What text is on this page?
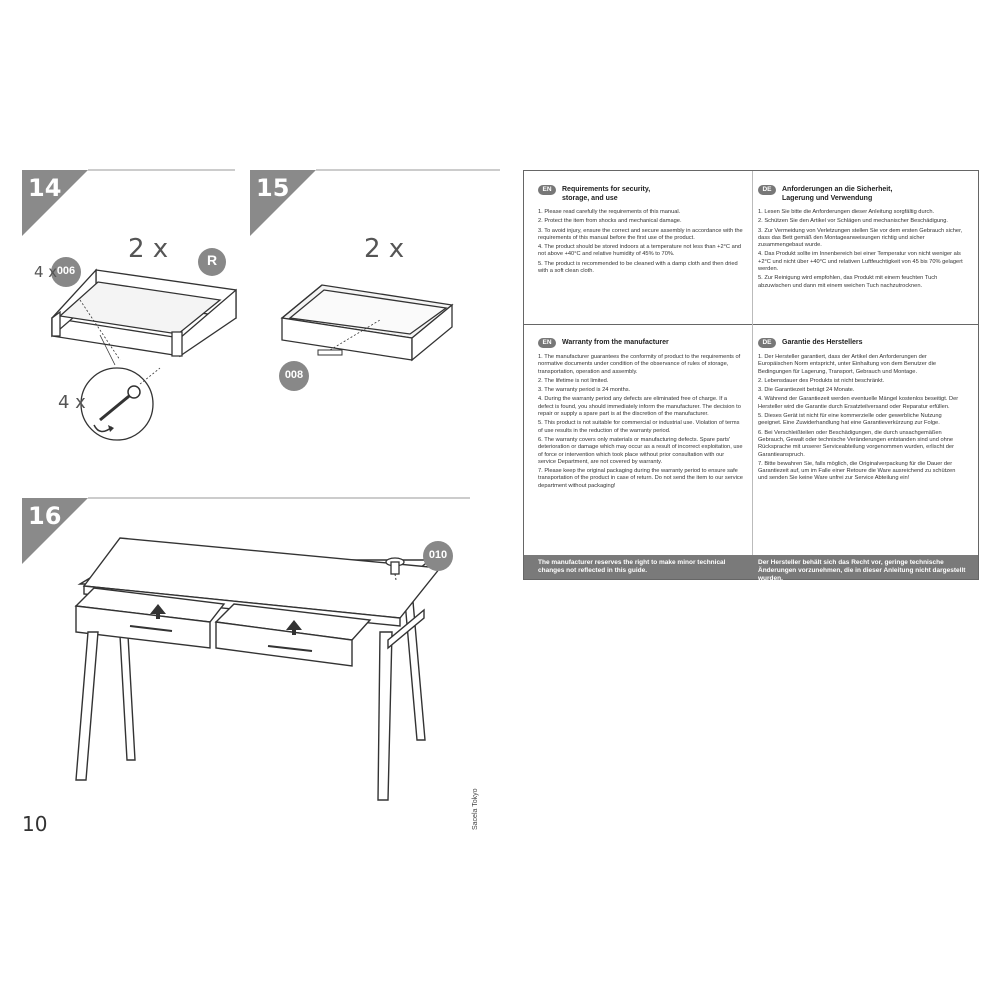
14	15
16
2 x	2 x
4 x
4 x
006
R
008
010
10	Sacela Tokyo
EN Requirements for security,
storage, and use

1. Please read carefully the requirements of this manual.

2. Protect the item from shocks and mechanical damage.

3. To avoid injury, ensure the correct and secure assembly in accordance with the requirements of this manual before the first use of the product.

4. The product should be stored indoors at a temperature not less than +2°C and not above +40°C and relative humidity of 45% to 70%.

5. The product is recommended to be cleaned with a damp cloth and then dried with a soft clean cloth.

DE Anforderungen an die Sicherheit,
Lagerung und Verwendung

1. Lesen Sie bitte die Anforderungen dieser Anleitung sorgfältig durch.

2. Schützen Sie den Artikel vor Schlägen und mechanischer Beschädigung.

3. Zur Vermeidung von Verletzungen stellen Sie vor dem ersten Gebrauch sicher, dass das Bett gemäß den Montageanweisungen richtig und sicher zusammengebaut wurde.

4. Das Produkt sollte im Innenbereich bei einer Temperatur von nicht weniger als +2°C und nicht über +40°C und relativen Luftfeuchtigkeit von 45 bis 70% gelagert werden.

5. Zur Reinigung wird empfohlen, das Produkt mit einem feuchten Tuch abzuwischen und dann mit einem weichen Tuch nachzutrocknen.

EN Warranty from the manufacturer

1. The manufacturer guarantees the conformity of product to the requirements of normative documents under condition of the observance of rules of storage, transportation, operation and assembly.

2. The lifetime is not limited.

3. The warranty period is 24 months.

4. During the warranty period any defects are eliminated free of charge. If a defect is found, you should immediately inform the manufacturer. The decision to repair or supply a spare part is at the discretion of the manufacturer.

5. This product is not suitable for commercial or industrial use. Violation of terms of use results in the reduction of the warranty period.

6. The warranty covers only materials or manufacturing defects. Spare parts' deterioration or damage which may occur as a result of incorrect exploitation, use of force or intervention which took place without prior consultation with our service Department, are not covered by warranty.

7. Please keep the original packaging during the warranty period to ensure safe transportation of the product in case of return. Do not send the item to our service department without packaging!

DE Garantie des Herstellers

1. Der Hersteller garantiert, dass der Artikel den Anforderungen der Europäischen Norm entspricht, unter Einhaltung von dem Benutzer die Bedingungen für Lagerung, Transport, Gebrauch und Montage.

2. Lebensdauer des Produkts ist nicht beschränkt.

3. Die Garantiezeit beträgt 24 Monate.

4. Während der Garantiezeit werden eventuelle Mängel kostenlos beseitigt. Der Hersteller wird die Garantie durch Ersatzteilversand oder Reparatur erfüllen.

5. Dieses Gerät ist nicht für eine kommerzielle oder gewerbliche Nutzung geeignet. Eine Zuwiderhandlung hat eine Garantieverkürzung zur Folge.

6. Bei Verschleißteilen oder Beschädigungen, die durch unsachgemäßen Gebrauch, Gewalt oder technische Veränderungen entstanden sind und ohne Rücksprache mit unserer Serviceabteilung vorgenommen wurden, erlischt der Garantieanspruch.

7. Bitte bewahren Sie, falls möglich, die Originalverpackung für die Dauer der Garantiezeit auf, um im Falle einer Retoure die Ware ausreichend zu schützen und senden Sie keine Ware unfrei zur Service Abteilung ein!

The manufacturer reserves the right to make minor technical changes not reflected in this guide.
Der Hersteller behält sich das Recht vor, geringe technische Änderungen vorzunehmen, die in dieser Anleitung nicht dargestellt wurden.
